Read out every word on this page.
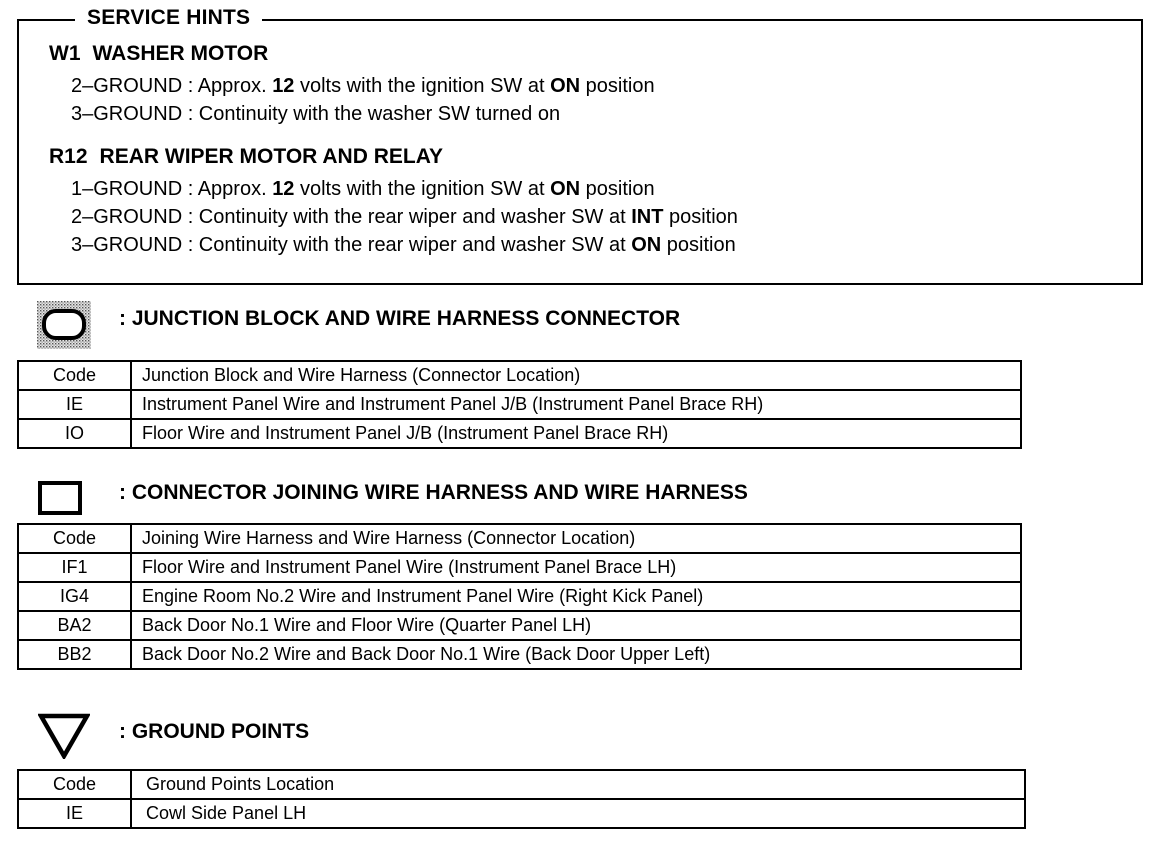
SERVICE HINTS
W1 WASHER MOTOR
2–GROUND : Approx. 12 volts with the ignition SW at ON position
3–GROUND : Continuity with the washer SW turned on
R12 REAR WIPER MOTOR AND RELAY
1–GROUND : Approx. 12 volts with the ignition SW at ON position
2–GROUND : Continuity with the rear wiper and washer SW at INT position
3–GROUND : Continuity with the rear wiper and washer SW at ON position
: JUNCTION BLOCK AND WIRE HARNESS CONNECTOR
Code	Junction Block and Wire Harness (Connector Location)
IE	Instrument Panel Wire and Instrument Panel J/B (Instrument Panel Brace RH)
IO	Floor Wire and Instrument Panel J/B (Instrument Panel Brace RH)
: CONNECTOR JOINING WIRE HARNESS AND WIRE HARNESS
Code	Joining Wire Harness and Wire Harness (Connector Location)
IF1	Floor Wire and Instrument Panel Wire (Instrument Panel Brace LH)
IG4	Engine Room No.2 Wire and Instrument Panel Wire (Right Kick Panel)
BA2	Back Door No.1 Wire and Floor Wire (Quarter Panel LH)
BB2	Back Door No.2 Wire and Back Door No.1 Wire (Back Door Upper Left)
: GROUND POINTS
Code	Ground Points Location
IE	Cowl Side Panel LH
